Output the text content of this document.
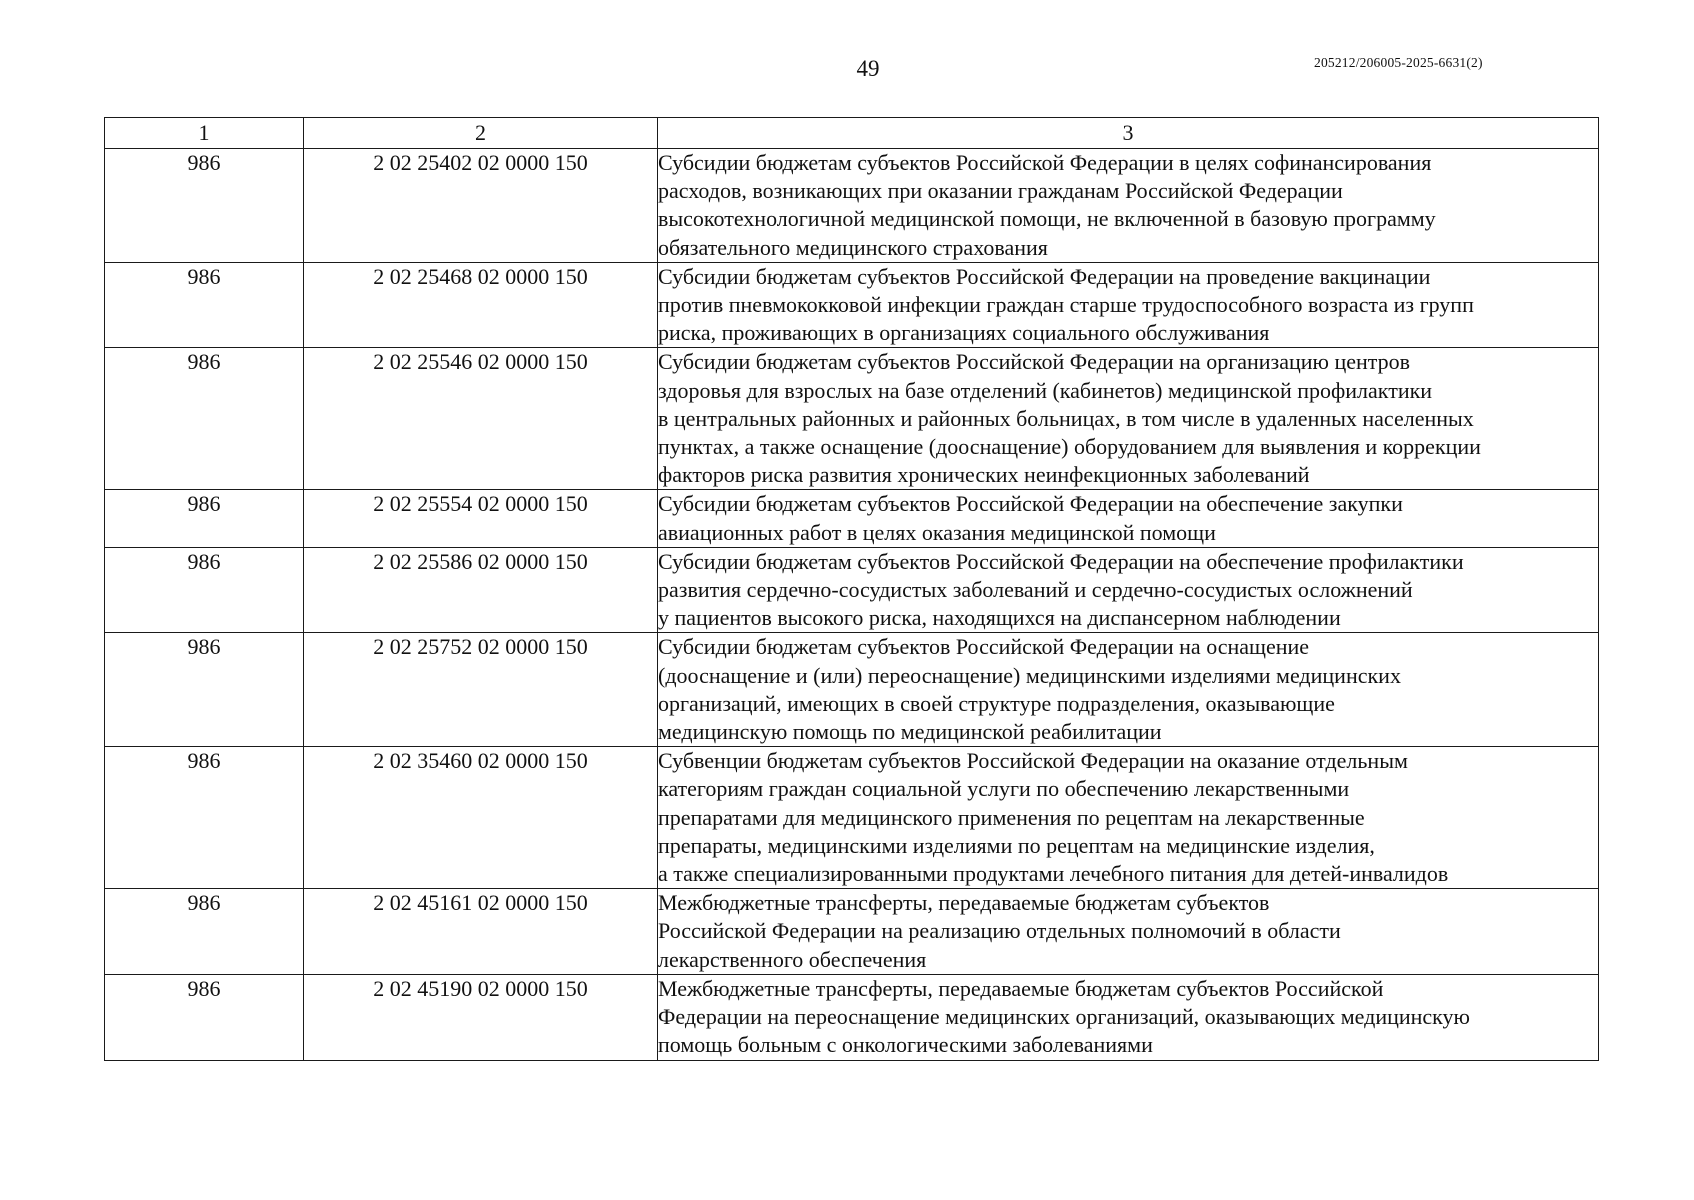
49	205212/206005-2025-6631(2)
1	2	3
986	2 02 25402 02 0000 150	Субсидии бюджетам субъектов Российской Федерации в целях софинансирования
расходов, возникающих при оказании гражданам Российской Федерации
высокотехнологичной медицинской помощи, не включенной в базовую программу
обязательного медицинского страхования

986	2 02 25468 02 0000 150	Субсидии бюджетам субъектов Российской Федерации на проведение вакцинации
против пневмококковой инфекции граждан старше трудоспособного возраста из групп
риска, проживающих в организациях социального обслуживания

986	2 02 25546 02 0000 150	Субсидии бюджетам субъектов Российской Федерации на организацию центров
здоровья для взрослых на базе отделений (кабинетов) медицинской профилактики
в центральных районных и районных больницах, в том числе в удаленных населенных
пунктах, а также оснащение (дооснащение) оборудованием для выявления и коррекции
факторов риска развития хронических неинфекционных заболеваний

986	2 02 25554 02 0000 150	Субсидии бюджетам субъектов Российской Федерации на обеспечение закупки
авиационных работ в целях оказания медицинской помощи

986	2 02 25586 02 0000 150	Субсидии бюджетам субъектов Российской Федерации на обеспечение профилактики
развития сердечно-сосудистых заболеваний и сердечно-сосудистых осложнений
у пациентов высокого риска, находящихся на диспансерном наблюдении

986	2 02 25752 02 0000 150	Субсидии бюджетам субъектов Российской Федерации на оснащение
(дооснащение и (или) переоснащение) медицинскими изделиями медицинских
организаций, имеющих в своей структуре подразделения, оказывающие
медицинскую помощь по медицинской реабилитации

986	2 02 35460 02 0000 150	Субвенции бюджетам субъектов Российской Федерации на оказание отдельным
категориям граждан социальной услуги по обеспечению лекарственными
препаратами для медицинского применения по рецептам на лекарственные
препараты, медицинскими изделиями по рецептам на медицинские изделия,
а также специализированными продуктами лечебного питания для детей-инвалидов

986	2 02 45161 02 0000 150	Межбюджетные трансферты, передаваемые бюджетам субъектов
Российской Федерации на реализацию отдельных полномочий в области
лекарственного обеспечения

986	2 02 45190 02 0000 150	Межбюджетные трансферты, передаваемые бюджетам субъектов Российской
Федерации на переоснащение медицинских организаций, оказывающих медицинскую
помощь больным с онкологическими заболеваниями
